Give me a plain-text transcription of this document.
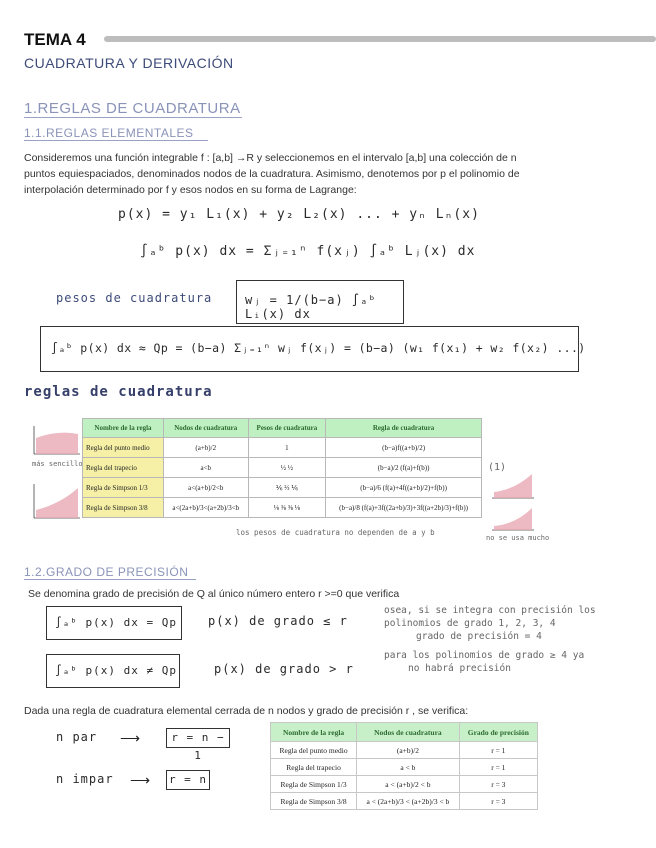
TEMA 4
CUADRATURA Y DERIVACIÓN
1.REGLAS DE CUADRATURA
1.1.REGLAS ELEMENTALES
Consideremos una función integrable f : [a,b] →R y seleccionemos en el intervalo [a,b] una colección de n
puntos equiespaciados, denominados nodos de la cuadratura. Asimismo, denotemos por p el polinomio de
interpolación determinado por f y esos nodos en su forma de Lagrange:
p(x) = y₁ L₁(x) + y₂ L₂(x) ... + yₙ Lₙ(x)
∫ₐᵇ p(x) dx = Σⱼ₌₁ⁿ f(xⱼ) ∫ₐᵇ Lⱼ(x) dx
pesos de cuadratura	wⱼ = 1/(b−a) ∫ₐᵇ Lᵢ(x) dx
∫ₐᵇ p(x) dx ≈ Qp = (b−a) Σⱼ₌₁ⁿ wⱼ f(xⱼ) = (b−a) (w₁ f(x₁) + w₂ f(x₂) ...)
reglas de cuadratura
más sencillo
Nombre de la regla	Nodos de cuadratura	Pesos de cuadratura	Regla de cuadratura
Regla del punto medio	(a+b)/2	1	(b−a)f((a+b)/2)
Regla del trapecio	a<b	½ ½	(b−a)/2 (f(a)+f(b))
Regla de Simpson 1/3	a<(a+b)/2<b	⅙ ⅔ ⅙	(b−a)/6 (f(a)+4f((a+b)/2)+f(b))
Regla de Simpson 3/8	a<(2a+b)/3<(a+2b)/3<b	⅛ ⅜ ⅜ ⅛	(b−a)/8 (f(a)+3f((2a+b)/3)+3f((a+2b)/3)+f(b))
(1)
no se usa mucho
los pesos de cuadratura no dependen de a y b
1.2.GRADO DE PRECISIÓN
Se denomina grado de precisión de Q al único número entero r >=0 que verifica
∫ₐᵇ p(x) dx = Qp	p(x) de grado ≤ r
∫ₐᵇ p(x) dx ≠ Qp	p(x) de grado > r
osea, si se integra con precisión los
polinomios de grado 1, 2, 3, 4
grado de precisión = 4
para los polinomios de grado ≥ 4 ya
no habrá precisión
Dada una regla de cuadratura elemental cerrada de n nodos y grado de precisión r , se verifica:
n par ⟶	r = n − 1
n impar ⟶ r = n
Nombre de la regla	Nodos de cuadratura	Grado de precisión
Regla del punto medio	(a+b)/2	r = 1
Regla del trapecio	a < b	r = 1
Regla de Simpson 1/3	a < (a+b)/2 < b	r = 3
Regla de Simpson 3/8	a < (2a+b)/3 < (a+2b)/3 < b	r = 3
